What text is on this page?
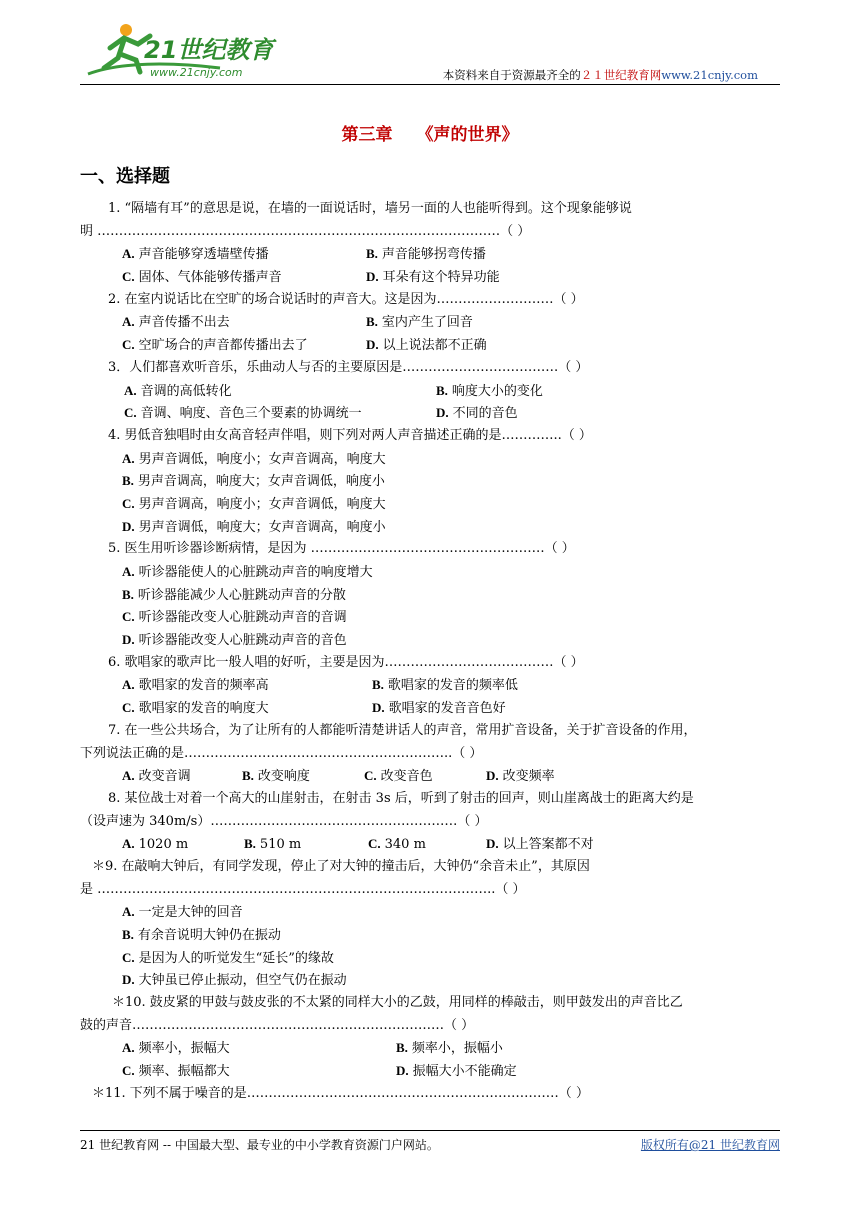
21世纪教育
www.21cnjy.com	本资料来自于资源最齐全的２１世纪教育网www.21cnjy.com
第三章 《声的世界》
一、选择题
1. “隔墙有耳”的意思是说，在墙的一面说话时，墙另一面的人也能听得到。这个现象能够说
明 …………………………………………………………………………………（ ）
A. 声音能够穿透墙壁传播	B. 声音能够拐弯传播
C. 固体、气体能够传播声音	D. 耳朵有这个特异功能
2. 在室内说话比在空旷的场合说话时的声音大。这是因为………………………（ ）
A. 声音传播不出去	B. 室内产生了回音
C. 空旷场合的声音都传播出去了	D. 以上说法都不正确
3．人们都喜欢听音乐，乐曲动人与否的主要原因是………………………………（ ）
A. 音调的高低转化	B. 响度大小的变化
C. 音调、响度、音色三个要素的协调统一	D. 不同的音色
4. 男低音独唱时由女高音轻声伴唱，则下列对两人声音描述正确的是…………..（ ）
A. 男声音调低，响度小；女声音调高，响度大
B. 男声音调高，响度大；女声音调低，响度小
C. 男声音调高，响度小；女声音调低，响度大
D. 男声音调低，响度大；女声音调高，响度小
5. 医生用听诊器诊断病情，是因为 ………………………………………………（ ）
A. 听诊器能使人的心脏跳动声音的响度增大
B. 听诊器能减少人心脏跳动声音的分散
C. 听诊器能改变人心脏跳动声音的音调
D. 听诊器能改变人心脏跳动声音的音色
6. 歌唱家的歌声比一般人唱的好听，主要是因为…………………………………（ ）
A. 歌唱家的发音的频率高	B. 歌唱家的发音的频率低
C. 歌唱家的发音的响度大	D. 歌唱家的发音音色好
7. 在一些公共场合，为了让所有的人都能听清楚讲话人的声音，常用扩音设备，关于扩音设备的作用，
下列说法正确的是……………………………………………………..（ ）
A. 改变音调	B. 改变响度	C. 改变音色	D. 改变频率
8. 某位战士对着一个高大的山崖射击，在射击 3s 后，听到了射击的回声，则山崖离战士的距离大约是
（设声速为 340m/s）…………………………………………………（ ）
A. 1020 m	B. 510 m	C. 340 m	D. 以上答案都不对
＊9. 在敲响大钟后，有同学发现，停止了对大钟的撞击后，大钟仍“余音未止”，其原因
是 ………………………………………………………………………………..（ ）
A. 一定是大钟的回音
B. 有余音说明大钟仍在振动
C. 是因为人的听觉发生“延长”的缘故
D. 大钟虽已停止振动，但空气仍在振动
＊10. 鼓皮紧的甲鼓与鼓皮张的不太紧的同样大小的乙鼓，用同样的棒敲击，则甲鼓发出的声音比乙
鼓的声音………………………………………………………………（ ）
A. 频率小，振幅大	B. 频率小，振幅小
C. 频率、振幅都大	D. 振幅大小不能确定
＊11. 下列不属于噪音的是………………………………………………………………（ ）
21 世纪教育网 -- 中国最大型、最专业的中小学教育资源门户网站。	版权所有@21 世纪教育网
